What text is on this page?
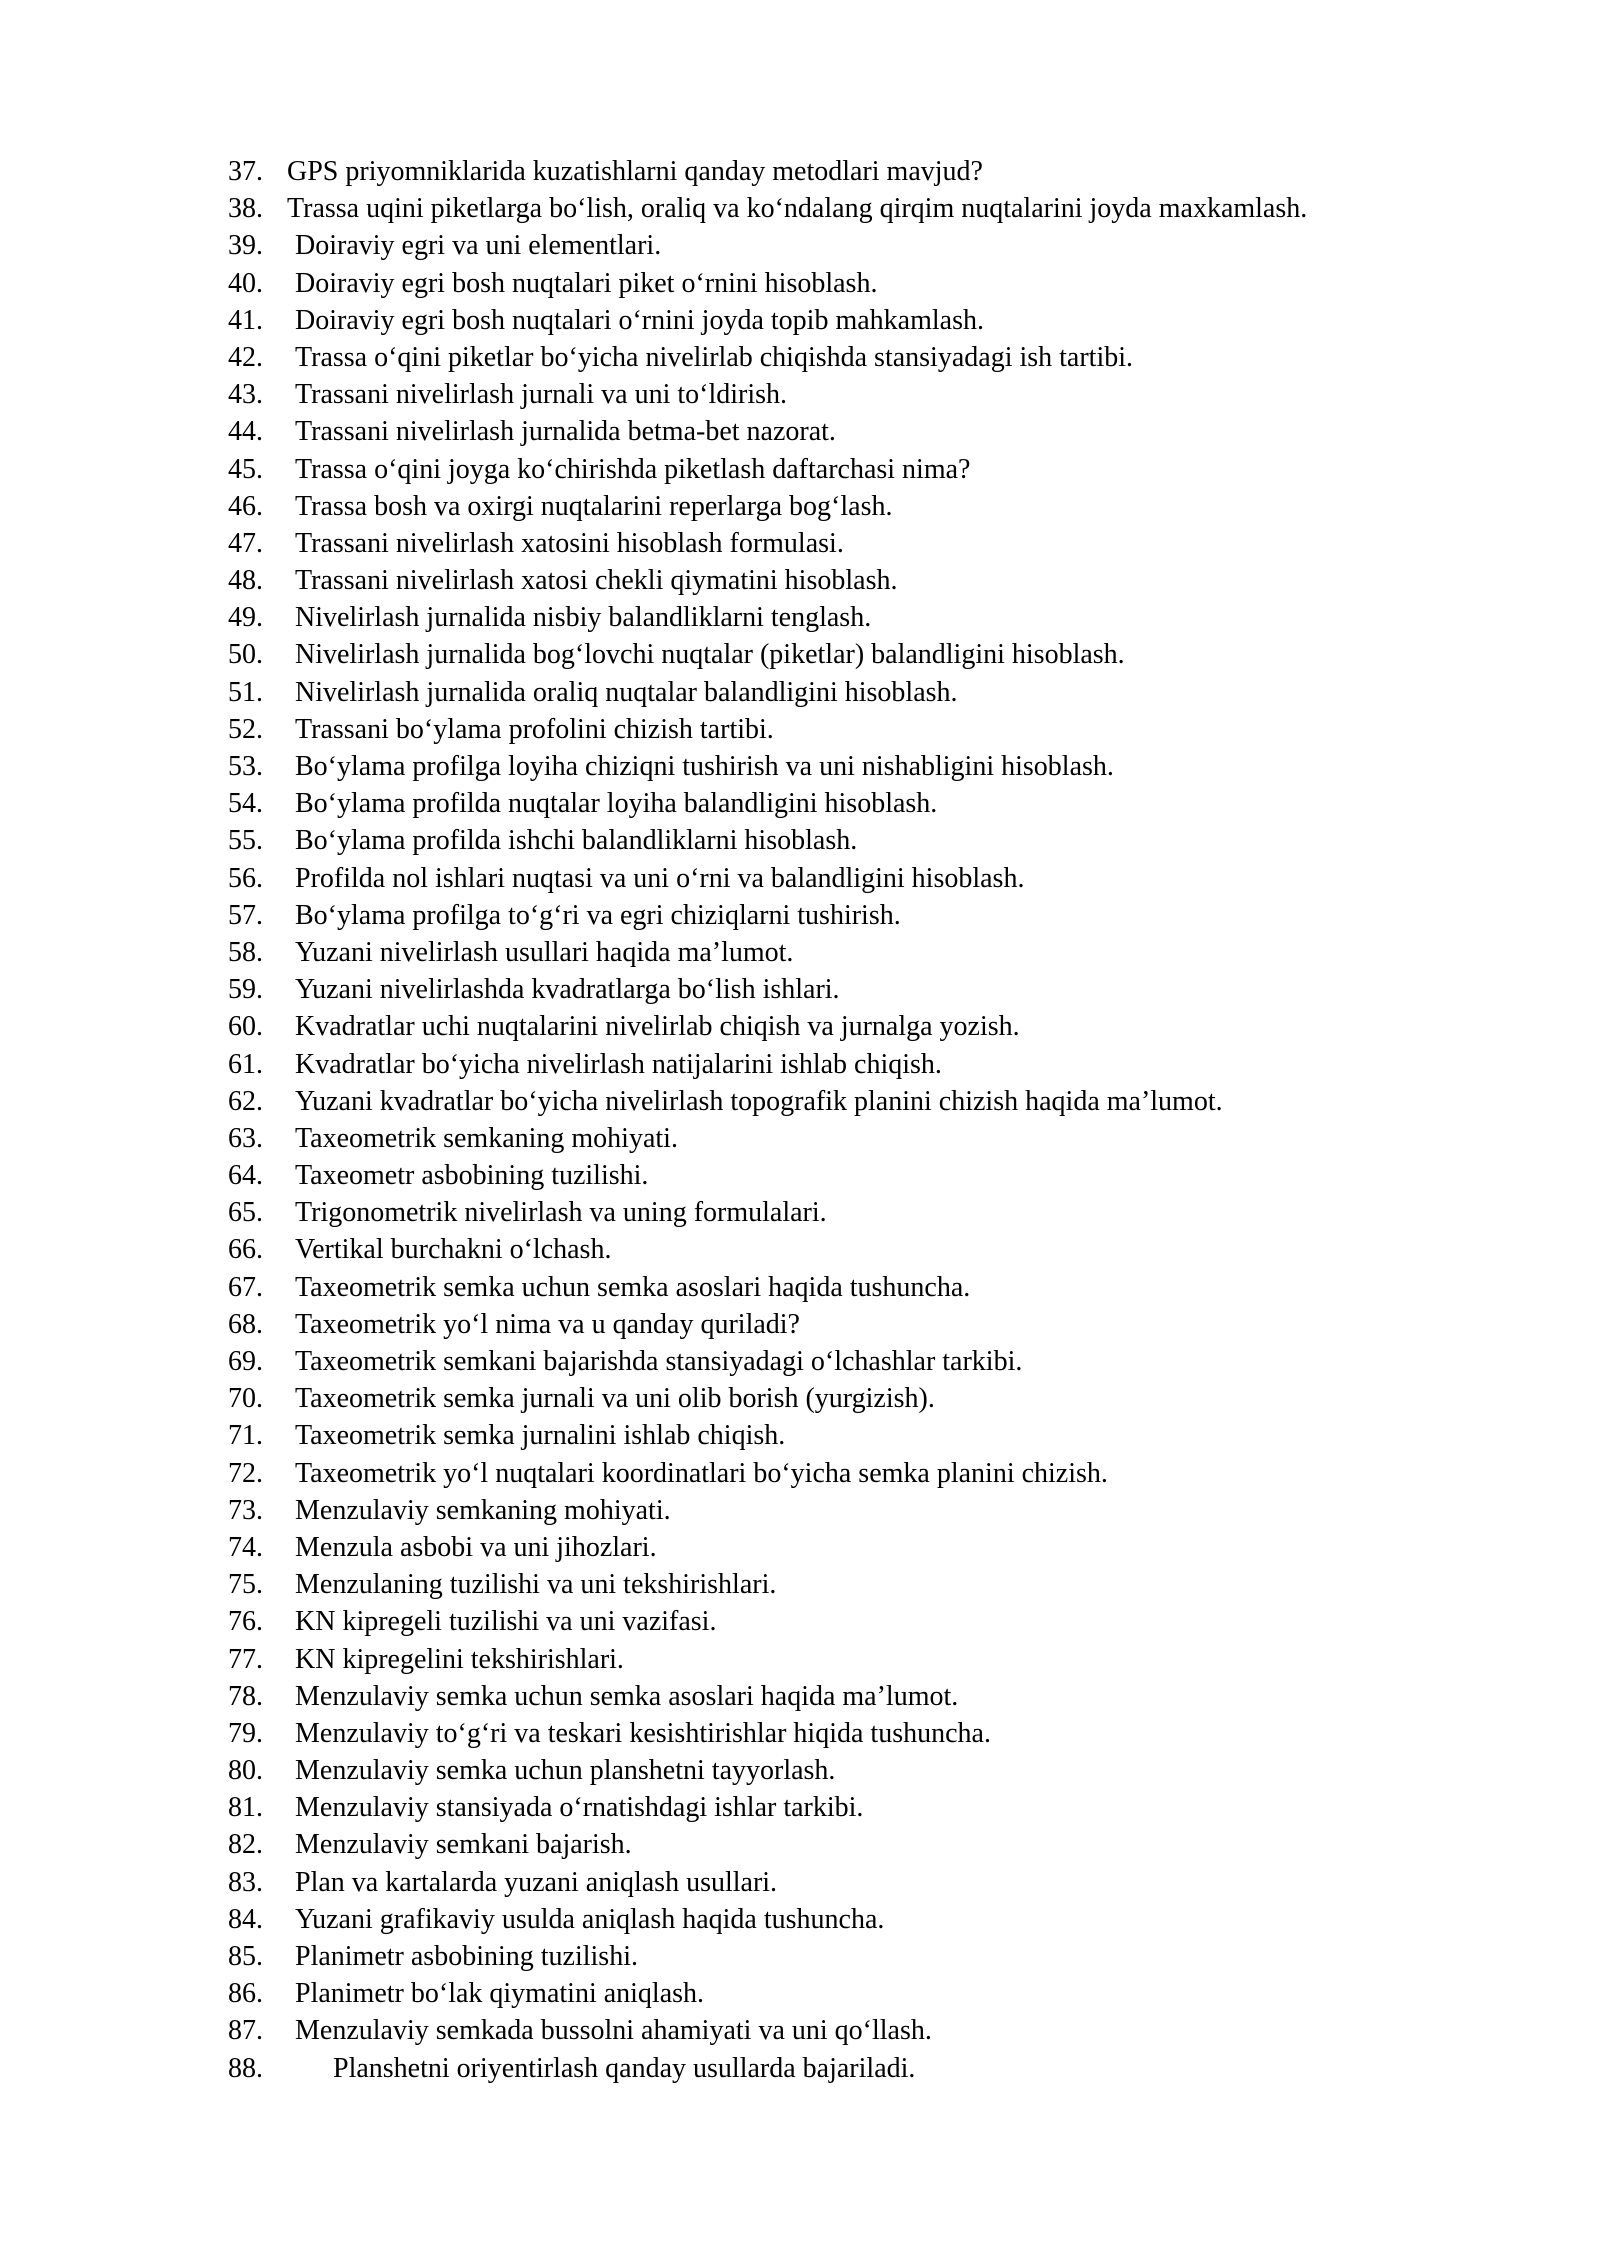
37. GPS priyomniklarida kuzatishlarni qanday metodlari mavjud?
38. Trassa uqini piketlarga bo‘lish, oraliq va ko‘ndalang qirqim nuqtalarini joyda maxkamlash.
39.	Doiraviy egri va uni elementlari.
40.	Doiraviy egri bosh nuqtalari piket o‘rnini hisoblash.
41.	Doiraviy egri bosh nuqtalari o‘rnini joyda topib mahkamlash.
42.	Trassa o‘qini piketlar bo‘yicha nivelirlab chiqishda stansiyadagi ish tartibi.
43.	Trassani nivelirlash jurnali va uni to‘ldirish.
44.	Trassani nivelirlash jurnalida betma-bet nazorat.
45.	Trassa o‘qini joyga ko‘chirishda piketlash daftarchasi nima?
46.	Trassa bosh va oxirgi nuqtalarini reperlarga bog‘lash.
47.	Trassani nivelirlash xatosini hisoblash formulasi.
48.	Trassani nivelirlash xatosi chekli qiymatini hisoblash.
49.	Nivelirlash jurnalida nisbiy balandliklarni tenglash.
50.	Nivelirlash jurnalida bog‘lovchi nuqtalar (piketlar) balandligini hisoblash.
51.	Nivelirlash jurnalida oraliq nuqtalar balandligini hisoblash.
52.	Trassani bo‘ylama profolini chizish tartibi.
53.	Bo‘ylama profilga loyiha chiziqni tushirish va uni nishabligini hisoblash.
54.	Bo‘ylama profilda nuqtalar loyiha balandligini hisoblash.
55.	Bo‘ylama profilda ishchi balandliklarni hisoblash.
56.	Profilda nol ishlari nuqtasi va uni o‘rni va balandligini hisoblash.
57.	Bo‘ylama profilga to‘g‘ri va egri chiziqlarni tushirish.
58.	Yuzani nivelirlash usullari haqida ma’lumot.
59.	Yuzani nivelirlashda kvadratlarga bo‘lish ishlari.
60.	Kvadratlar uchi nuqtalarini nivelirlab chiqish va jurnalga yozish.
61.	Kvadratlar bo‘yicha nivelirlash natijalarini ishlab chiqish.
62.	Yuzani kvadratlar bo‘yicha nivelirlash topografik planini chizish haqida ma’lumot.
63.	Taxeometrik semkaning mohiyati.
64.	Taxeometr asbobining tuzilishi.
65.	Trigonometrik nivelirlash va uning formulalari.
66.	Vertikal burchakni o‘lchash.
67.	Taxeometrik semka uchun semka asoslari haqida tushuncha.
68.	Taxeometrik yo‘l nima va u qanday quriladi?
69.	Taxeometrik semkani bajarishda stansiyadagi o‘lchashlar tarkibi.
70.	Taxeometrik semka jurnali va uni olib borish (yurgizish).
71.	Taxeometrik semka jurnalini ishlab chiqish.
72.	Taxeometrik yo‘l nuqtalari koordinatlari bo‘yicha semka planini chizish.
73.	Menzulaviy semkaning mohiyati.
74.	Menzula asbobi va uni jihozlari.
75.	Menzulaning tuzilishi va uni tekshirishlari.
76.	KN kipregeli tuzilishi va uni vazifasi.
77.	KN kipregelini tekshirishlari.
78.	Menzulaviy semka uchun semka asoslari haqida ma’lumot.
79.	Menzulaviy to‘g‘ri va teskari kesishtirishlar hiqida tushuncha.
80.	Menzulaviy semka uchun planshetni tayyorlash.
81.	Menzulaviy stansiyada o‘rnatishdagi ishlar tarkibi.
82.	Menzulaviy semkani bajarish.
83.	Plan va kartalarda yuzani aniqlash usullari.
84.	Yuzani grafikaviy usulda aniqlash haqida tushuncha.
85.	Planimetr asbobining tuzilishi.
86.	Planimetr bo‘lak qiymatini aniqlash.
87.	Menzulaviy semkada bussolni ahamiyati va uni qo‘llash.
88.	Planshetni oriyentirlash qanday usullarda bajariladi.
